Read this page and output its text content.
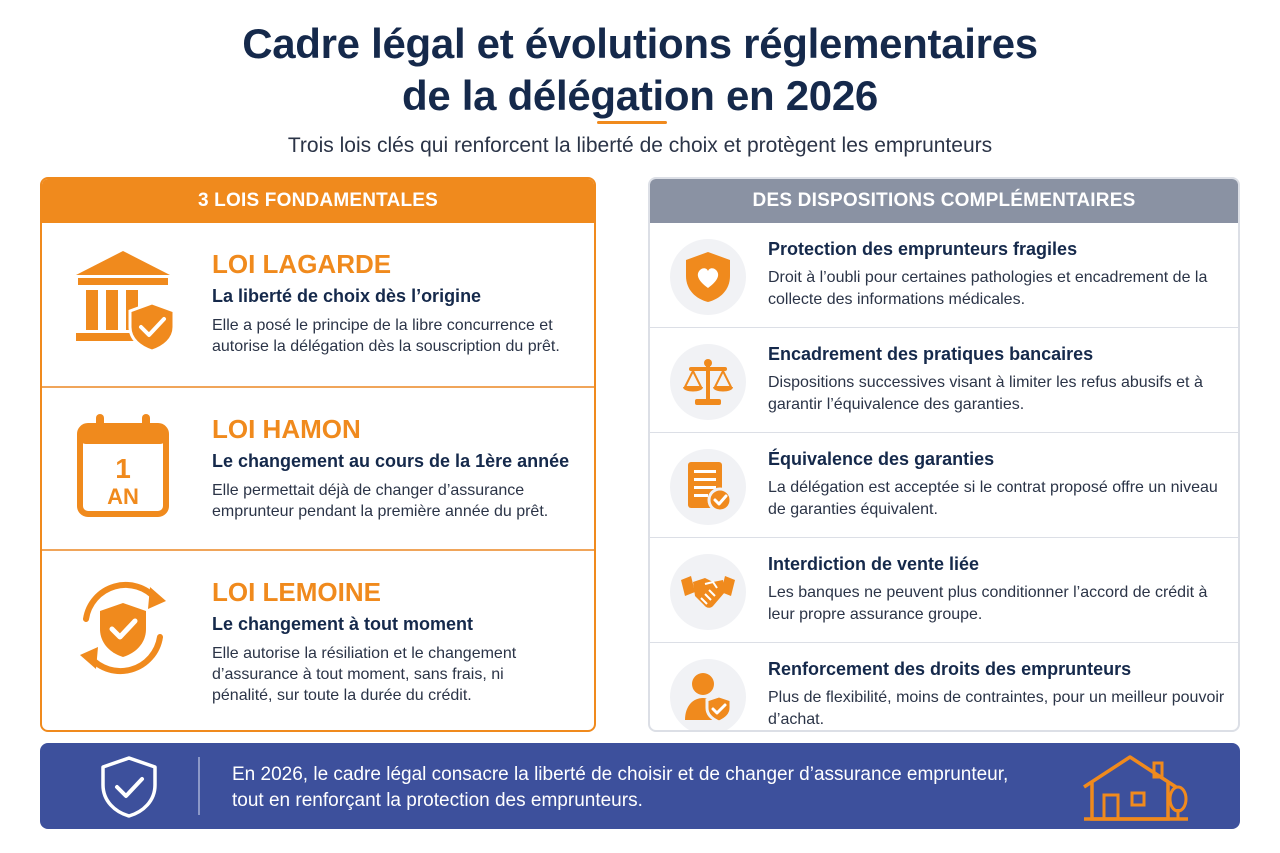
Cadre légal et évolutions réglementaires
de la délégation en 2026
Trois lois clés qui renforcent la liberté de choix et protègent les emprunteurs
3 LOIS FONDAMENTALES
LOI LAGARDE
La liberté de choix dès l’origine
Elle a posé le principe de la libre concurrence et autorise la délégation dès la souscription du prêt.
1
AN
LOI HAMON
Le changement au cours de la 1ère année
Elle permettait déjà de changer d’assurance emprunteur pendant la première année du prêt.
LOI LEMOINE
Le changement à tout moment
Elle autorise la résiliation et le changement d’assurance à tout moment, sans frais, ni pénalité, sur toute la durée du crédit.
DES DISPOSITIONS COMPLÉMENTAIRES
Protection des emprunteurs fragiles
Droit à l’oubli pour certaines pathologies et encadrement de la collecte des informations médicales.
Encadrement des pratiques bancaires
Dispositions successives visant à limiter les refus abusifs et à garantir l’équivalence des garanties.
Équivalence des garanties
La délégation est acceptée si le contrat proposé offre un niveau de garanties équivalent.
Interdiction de vente liée
Les banques ne peuvent plus conditionner l’accord de crédit à leur propre assurance groupe.
Renforcement des droits des emprunteurs
Plus de flexibilité, moins de contraintes, pour un meilleur pouvoir d’achat.
En 2026, le cadre légal consacre la liberté de choisir et de changer d’assurance emprunteur,
tout en renforçant la protection des emprunteurs.
